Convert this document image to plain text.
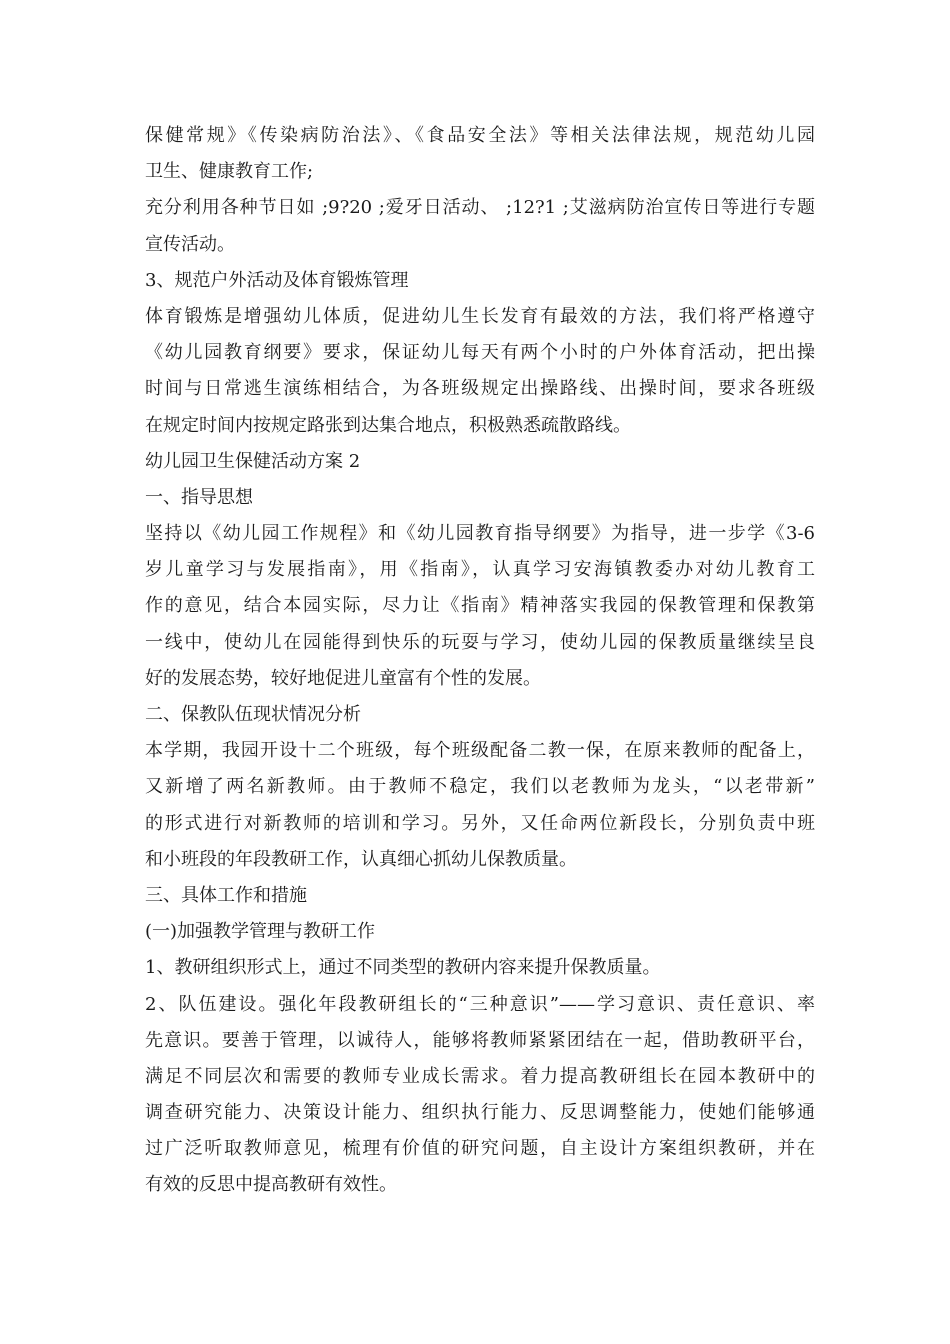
保健常规》《传染病防治法》、《食品安全法》等相关法律法规，规范幼儿园
卫生、健康教育工作;
充分利用各种节日如 ;9?20 ;爱牙日活动、 ;12?1 ;艾滋病防治宣传日等进行专题
宣传活动。
3、规范户外活动及体育锻炼管理
体育锻炼是增强幼儿体质，促进幼儿生长发育有最效的方法，我们将严格遵守
《幼儿园教育纲要》要求，保证幼儿每天有两个小时的户外体育活动，把出操
时间与日常逃生演练相结合，为各班级规定出操路线、出操时间，要求各班级
在规定时间内按规定路张到达集合地点，积极熟悉疏散路线。
幼儿园卫生保健活动方案 2
一、指导思想
坚持以《幼儿园工作规程》和《幼儿园教育指导纲要》为指导，进一步学《3-6
岁儿童学习与发展指南》，用《指南》，认真学习安海镇教委办对幼儿教育工
作的意见，结合本园实际，尽力让《指南》精神落实我园的保教管理和保教第
一线中，使幼儿在园能得到快乐的玩耍与学习，使幼儿园的保教质量继续呈良
好的发展态势，较好地促进儿童富有个性的发展。
二、保教队伍现状情况分析
本学期，我园开设十二个班级，每个班级配备二教一保，在原来教师的配备上，
又新增了两名新教师。由于教师不稳定，我们以老教师为龙头，“以老带新”
的形式进行对新教师的培训和学习。另外，又任命两位新段长，分别负责中班
和小班段的年段教研工作，认真细心抓幼儿保教质量。
三、具体工作和措施
(一)加强教学管理与教研工作
1、教研组织形式上，通过不同类型的教研内容来提升保教质量。
2、队伍建设。强化年段教研组长的“三种意识”——学习意识、责任意识、率
先意识。要善于管理，以诚待人，能够将教师紧紧团结在一起，借助教研平台，
满足不同层次和需要的教师专业成长需求。着力提高教研组长在园本教研中的
调查研究能力、决策设计能力、组织执行能力、反思调整能力，使她们能够通
过广泛听取教师意见，梳理有价值的研究问题，自主设计方案组织教研，并在
有效的反思中提高教研有效性。
